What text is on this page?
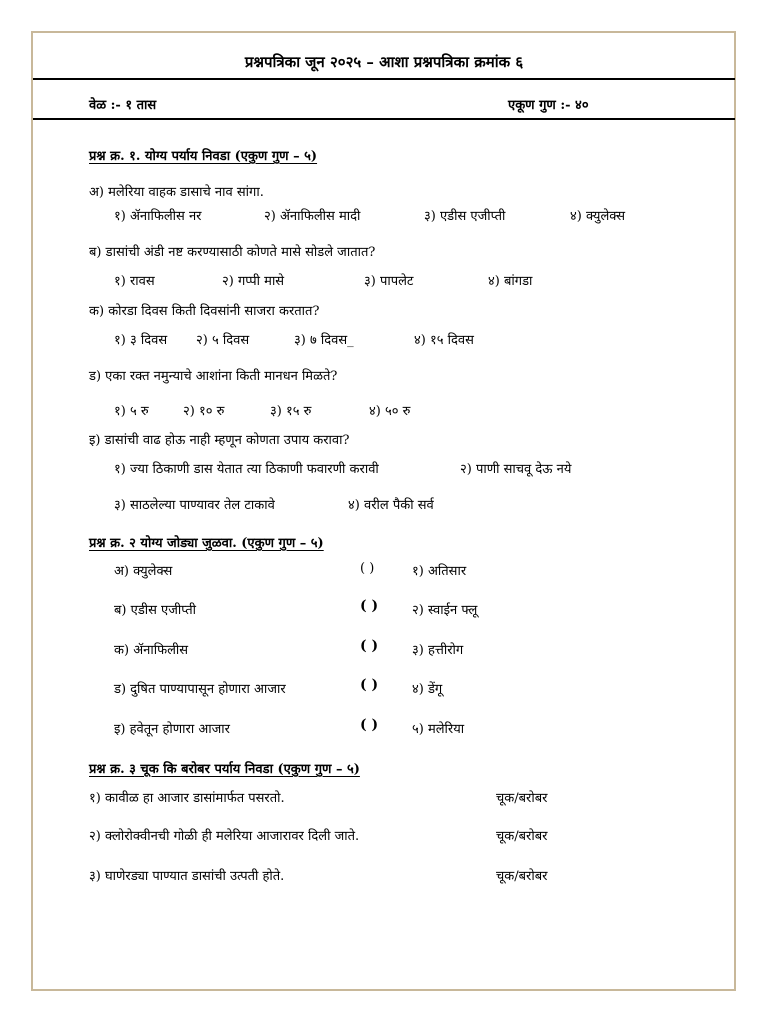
प्रश्नपत्रिका जून २०२५ – आशा प्रश्नपत्रिका क्रमांक ६
वेळ :- १ तास	एकूण गुण :- ४०
प्रश्न क्र. १. योग्य पर्याय निवडा (एकुण गुण – ५)
अ) मलेरिया वाहक डासाचे नाव सांगा.
१) ॲनाफिलीस नर	२) ॲनाफिलीस मादी	३) एडीस एजीप्ती	४) क्युलेक्स
ब) डासांची अंडी नष्ट करण्यासाठी कोणते मासे सोडले जातात?
१) रावस	२) गप्पी मासे	३) पापलेट	४) बांगडा
क) कोरडा दिवस किती दिवसांनी साजरा करतात?
१) ३ दिवस २) ५ दिवस	३) ७ दिवस_	४) १५ दिवस
ड) एका रक्त नमुन्याचे आशांना किती मानधन मिळते?
१) ५ रु	२) १० रु	३) १५ रु	४) ५० रु
इ) डासांची वाढ होऊ नाही म्हणून कोणता उपाय करावा?
१) ज्या ठिकाणी डास येतात त्या ठिकाणी फवारणी करावी	२) पाणी साचवू देऊ नये
३) साठलेल्या पाण्यावर तेल टाकावे	४) वरील पैकी सर्व
प्रश्न क्र. २ योग्य जोड्या जुळवा. (एकुण गुण – ५)
अ) क्युलेक्स	( )	१) अतिसार
ब) एडीस एजीप्ती	( )	२) स्वाईन फ्लू
क) ॲनाफिलीस	( )	३) हत्तीरोग
ड) दुषित पाण्यापासून होणारा आजार	( )	४) डेंगू
इ) हवेतून होणारा आजार	( )	५) मलेरिया
प्रश्न क्र. ३ चूक कि बरोबर पर्याय निवडा (एकुण गुण – ५)
१) कावीळ हा आजार डासांमार्फत पसरतो.	चूक/बरोबर
२) क्लोरोक्वीनची गोळी ही मलेरिया आजारावर दिली जाते.	चूक/बरोबर
३) घाणेरड्या पाण्यात डासांची उत्पती होते.	चूक/बरोबर
